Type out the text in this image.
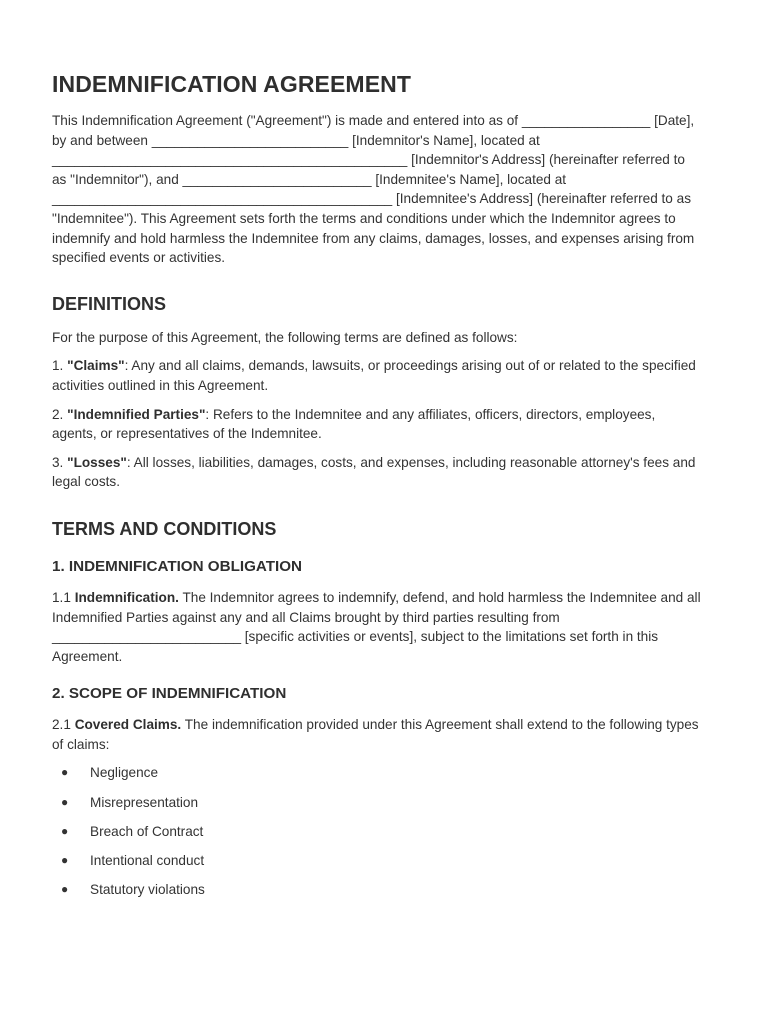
INDEMNIFICATION AGREEMENT

This Indemnification Agreement ("Agreement") is made and entered into as of _________________ [Date], by and between __________________________ [Indemnitor's Name], located at _______________________________________________ [Indemnitor's Address] (hereinafter referred to as "Indemnitor"), and _________________________ [Indemnitee's Name], located at _____________________________________________ [Indemnitee's Address] (hereinafter referred to as "Indemnitee"). This Agreement sets forth the terms and conditions under which the Indemnitor agrees to indemnify and hold harmless the Indemnitee from any claims, damages, losses, and expenses arising from specified events or activities.

DEFINITIONS

For the purpose of this Agreement, the following terms are defined as follows:

1. "Claims": Any and all claims, demands, lawsuits, or proceedings arising out of or related to the specified activities outlined in this Agreement.

2. "Indemnified Parties": Refers to the Indemnitee and any affiliates, officers, directors, employees, agents, or representatives of the Indemnitee.

3. "Losses": All losses, liabilities, damages, costs, and expenses, including reasonable attorney's fees and legal costs.

TERMS AND CONDITIONS
1. INDEMNIFICATION OBLIGATION

1.1 Indemnification. The Indemnitor agrees to indemnify, defend, and hold harmless the Indemnitee and all Indemnified Parties against any and all Claims brought by third parties resulting from _________________________ [specific activities or events], subject to the limitations set forth in this Agreement.

2. SCOPE OF INDEMNIFICATION

2.1 Covered Claims. The indemnification provided under this Agreement shall extend to the following types of claims:

● Negligence
● Misrepresentation
● Breach of Contract
● Intentional conduct
● Statutory violations
